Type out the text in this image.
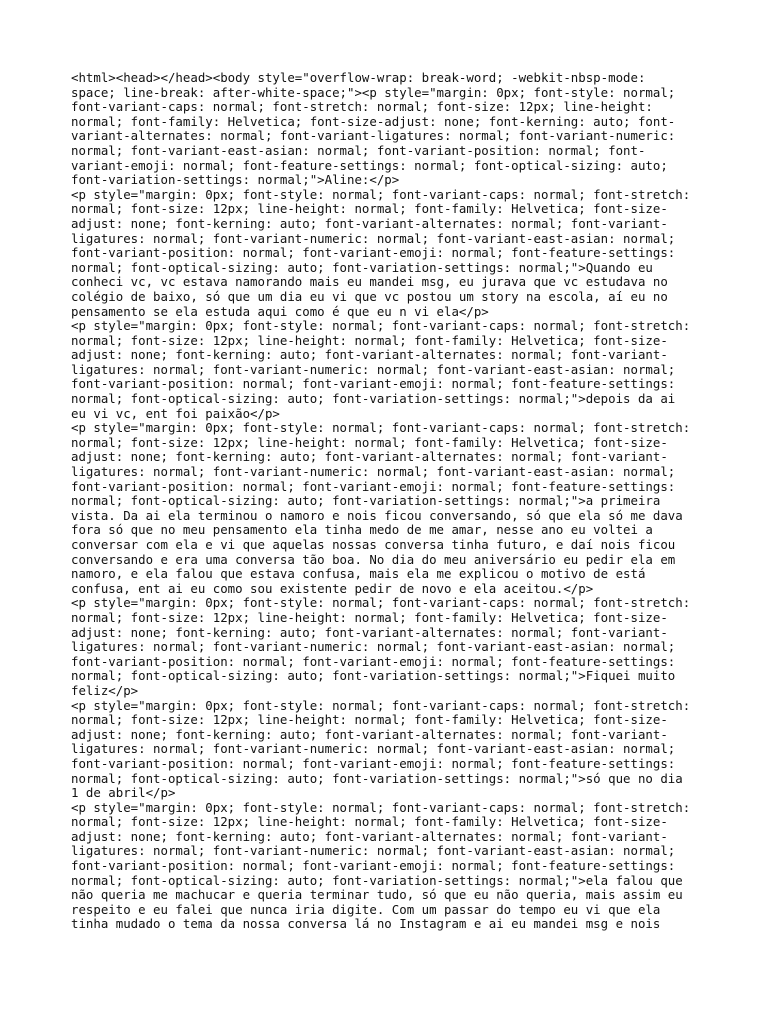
<html><head></head><body style="overflow-wrap: break-word; -webkit-nbsp-mode:
space; line-break: after-white-space;"><p style="margin: 0px; font-style: normal;
font-variant-caps: normal; font-stretch: normal; font-size: 12px; line-height:
normal; font-family: Helvetica; font-size-adjust: none; font-kerning: auto; font-
variant-alternates: normal; font-variant-ligatures: normal; font-variant-numeric:
normal; font-variant-east-asian: normal; font-variant-position: normal; font-
variant-emoji: normal; font-feature-settings: normal; font-optical-sizing: auto;
font-variation-settings: normal;">Aline:</p>
<p style="margin: 0px; font-style: normal; font-variant-caps: normal; font-stretch:
normal; font-size: 12px; line-height: normal; font-family: Helvetica; font-size-
adjust: none; font-kerning: auto; font-variant-alternates: normal; font-variant-
ligatures: normal; font-variant-numeric: normal; font-variant-east-asian: normal;
font-variant-position: normal; font-variant-emoji: normal; font-feature-settings:
normal; font-optical-sizing: auto; font-variation-settings: normal;">Quando eu
conheci vc, vc estava namorando mais eu mandei msg, eu jurava que vc estudava no
colégio de baixo, só que um dia eu vi que vc postou um story na escola, aí eu no
pensamento se ela estuda aqui como é que eu n vi ela</p>
<p style="margin: 0px; font-style: normal; font-variant-caps: normal; font-stretch:
normal; font-size: 12px; line-height: normal; font-family: Helvetica; font-size-
adjust: none; font-kerning: auto; font-variant-alternates: normal; font-variant-
ligatures: normal; font-variant-numeric: normal; font-variant-east-asian: normal;
font-variant-position: normal; font-variant-emoji: normal; font-feature-settings:
normal; font-optical-sizing: auto; font-variation-settings: normal;">depois da ai
eu vi vc, ent foi paixão</p>
<p style="margin: 0px; font-style: normal; font-variant-caps: normal; font-stretch:
normal; font-size: 12px; line-height: normal; font-family: Helvetica; font-size-
adjust: none; font-kerning: auto; font-variant-alternates: normal; font-variant-
ligatures: normal; font-variant-numeric: normal; font-variant-east-asian: normal;
font-variant-position: normal; font-variant-emoji: normal; font-feature-settings:
normal; font-optical-sizing: auto; font-variation-settings: normal;">a primeira
vista. Da ai ela terminou o namoro e nois ficou conversando, só que ela só me dava
fora só que no meu pensamento ela tinha medo de me amar, nesse ano eu voltei a
conversar com ela e vi que aquelas nossas conversa tinha futuro, e daí nois ficou
conversando e era uma conversa tão boa. No dia do meu aniversário eu pedir ela em
namoro, e ela falou que estava confusa, mais ela me explicou o motivo de está
confusa, ent ai eu como sou existente pedir de novo e ela aceitou.</p>
<p style="margin: 0px; font-style: normal; font-variant-caps: normal; font-stretch:
normal; font-size: 12px; line-height: normal; font-family: Helvetica; font-size-
adjust: none; font-kerning: auto; font-variant-alternates: normal; font-variant-
ligatures: normal; font-variant-numeric: normal; font-variant-east-asian: normal;
font-variant-position: normal; font-variant-emoji: normal; font-feature-settings:
normal; font-optical-sizing: auto; font-variation-settings: normal;">Fiquei muito
feliz</p>
<p style="margin: 0px; font-style: normal; font-variant-caps: normal; font-stretch:
normal; font-size: 12px; line-height: normal; font-family: Helvetica; font-size-
adjust: none; font-kerning: auto; font-variant-alternates: normal; font-variant-
ligatures: normal; font-variant-numeric: normal; font-variant-east-asian: normal;
font-variant-position: normal; font-variant-emoji: normal; font-feature-settings:
normal; font-optical-sizing: auto; font-variation-settings: normal;">só que no dia
1 de abril</p>
<p style="margin: 0px; font-style: normal; font-variant-caps: normal; font-stretch:
normal; font-size: 12px; line-height: normal; font-family: Helvetica; font-size-
adjust: none; font-kerning: auto; font-variant-alternates: normal; font-variant-
ligatures: normal; font-variant-numeric: normal; font-variant-east-asian: normal;
font-variant-position: normal; font-variant-emoji: normal; font-feature-settings:
normal; font-optical-sizing: auto; font-variation-settings: normal;">ela falou que
não queria me machucar e queria terminar tudo, só que eu não queria, mais assim eu
respeito e eu falei que nunca iria digite. Com um passar do tempo eu vi que ela
tinha mudado o tema da nossa conversa lá no Instagram e ai eu mandei msg e nois
